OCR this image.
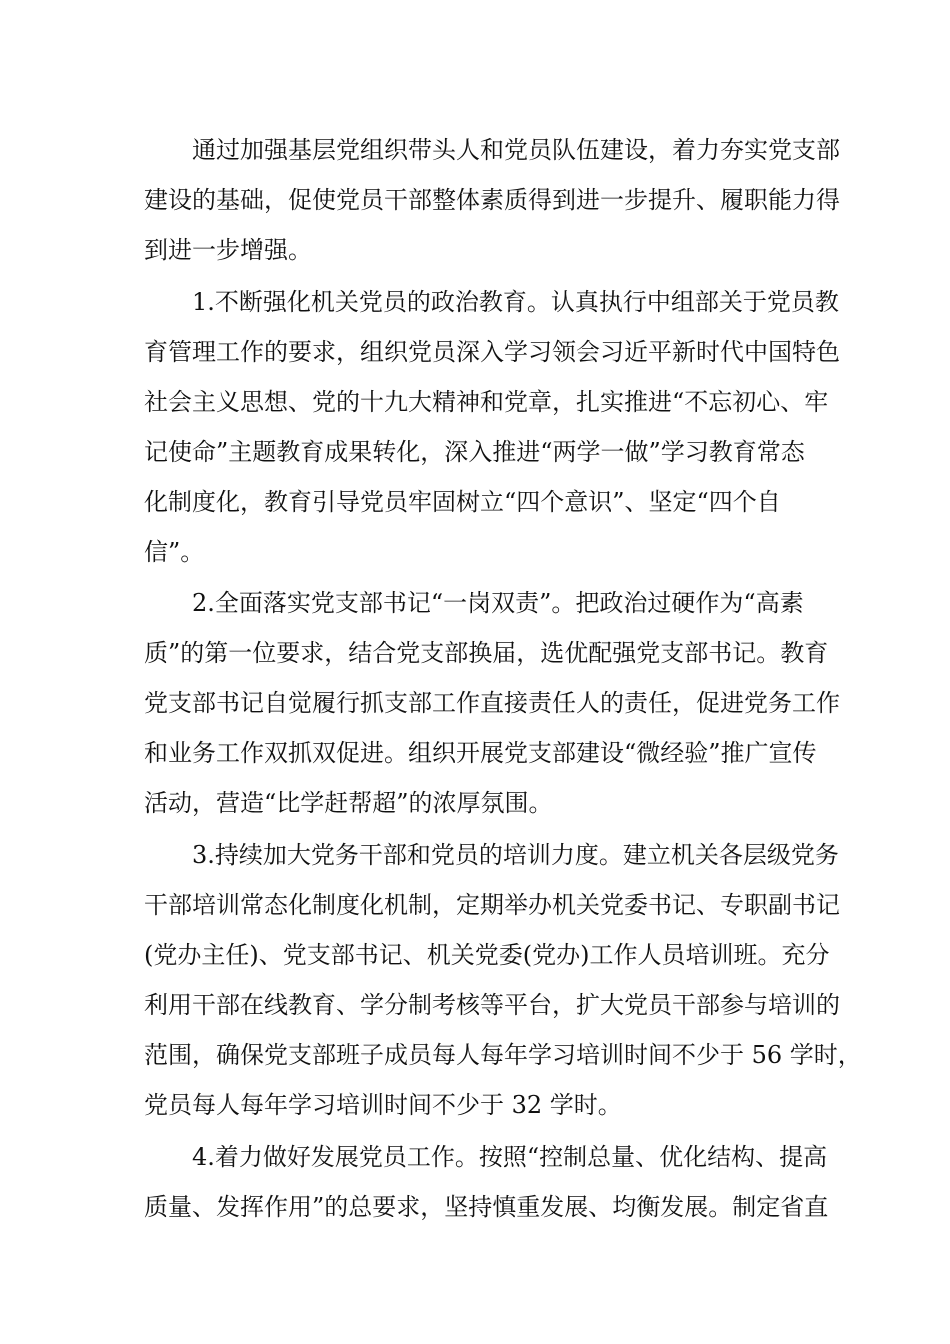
通过加强基层党组织带头人和党员队伍建设，着力夯实党支部
建设的基础，促使党员干部整体素质得到进一步提升、履职能力得
到进一步增强。
1.不断强化机关党员的政治教育。认真执行中组部关于党员教
育管理工作的要求，组织党员深入学习领会习近平新时代中国特色
社会主义思想、党的十九大精神和党章，扎实推进“不忘初心、牢
记使命”主题教育成果转化，深入推进“两学一做”学习教育常态
化制度化，教育引导党员牢固树立“四个意识”、坚定“四个自
信”。
2.全面落实党支部书记“一岗双责”。把政治过硬作为“高素
质”的第一位要求，结合党支部换届，选优配强党支部书记。教育
党支部书记自觉履行抓支部工作直接责任人的责任，促进党务工作
和业务工作双抓双促进。组织开展党支部建设“微经验”推广宣传
活动，营造“比学赶帮超”的浓厚氛围。
3.持续加大党务干部和党员的培训力度。建立机关各层级党务
干部培训常态化制度化机制，定期举办机关党委书记、专职副书记
(党办主任)、党支部书记、机关党委(党办)工作人员培训班。充分
利用干部在线教育、学分制考核等平台，扩大党员干部参与培训的
范围，确保党支部班子成员每人每年学习培训时间不少于 56 学时，
党员每人每年学习培训时间不少于 32 学时。
4.着力做好发展党员工作。按照“控制总量、优化结构、提高
质量、发挥作用”的总要求，坚持慎重发展、均衡发展。制定省直
